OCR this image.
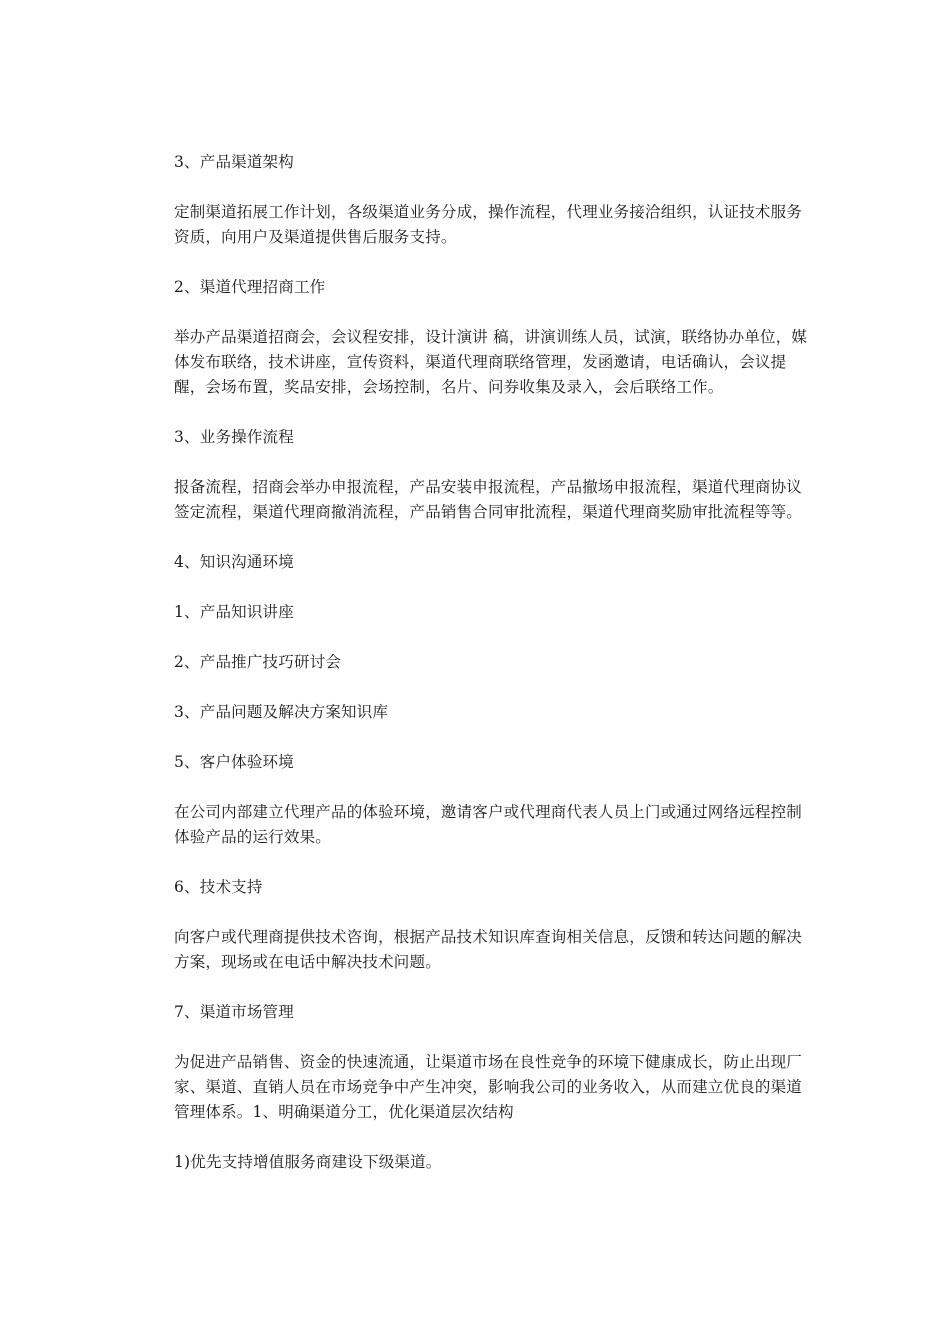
3、产品渠道架构

定制渠道拓展工作计划，各级渠道业务分成，操作流程，代理业务接洽组织，认证技术服务资质，向用户及渠道提供售后服务支持。

2、渠道代理招商工作

举办产品渠道招商会，会议程安排，设计演讲 稿，讲演训练人员，试演，联络协办单位，媒体发布联络，技术讲座，宣传资料，渠道代理商联络管理，发函邀请，电话确认，会议提醒，会场布置，奖品安排，会场控制，名片、问券收集及录入，会后联络工作。

3、业务操作流程

报备流程，招商会举办申报流程，产品安装申报流程，产品撤场申报流程，渠道代理商协议签定流程，渠道代理商撤消流程，产品销售合同审批流程，渠道代理商奖励审批流程等等。

4、知识沟通环境

1、产品知识讲座

2、产品推广技巧研讨会

3、产品问题及解决方案知识库

5、客户体验环境

在公司内部建立代理产品的体验环境，邀请客户或代理商代表人员上门或通过网络远程控制体验产品的运行效果。

6、技术支持

向客户或代理商提供技术咨询，根据产品技术知识库查询相关信息，反馈和转达问题的解决方案，现场或在电话中解决技术问题。

7、渠道市场管理

为促进产品销售、资金的快速流通，让渠道市场在良性竞争的环境下健康成长，防止出现厂家、渠道、直销人员在市场竞争中产生冲突，影响我公司的业务收入，从而建立优良的渠道管理体系。1、明确渠道分工，优化渠道层次结构

1)优先支持增值服务商建设下级渠道。
